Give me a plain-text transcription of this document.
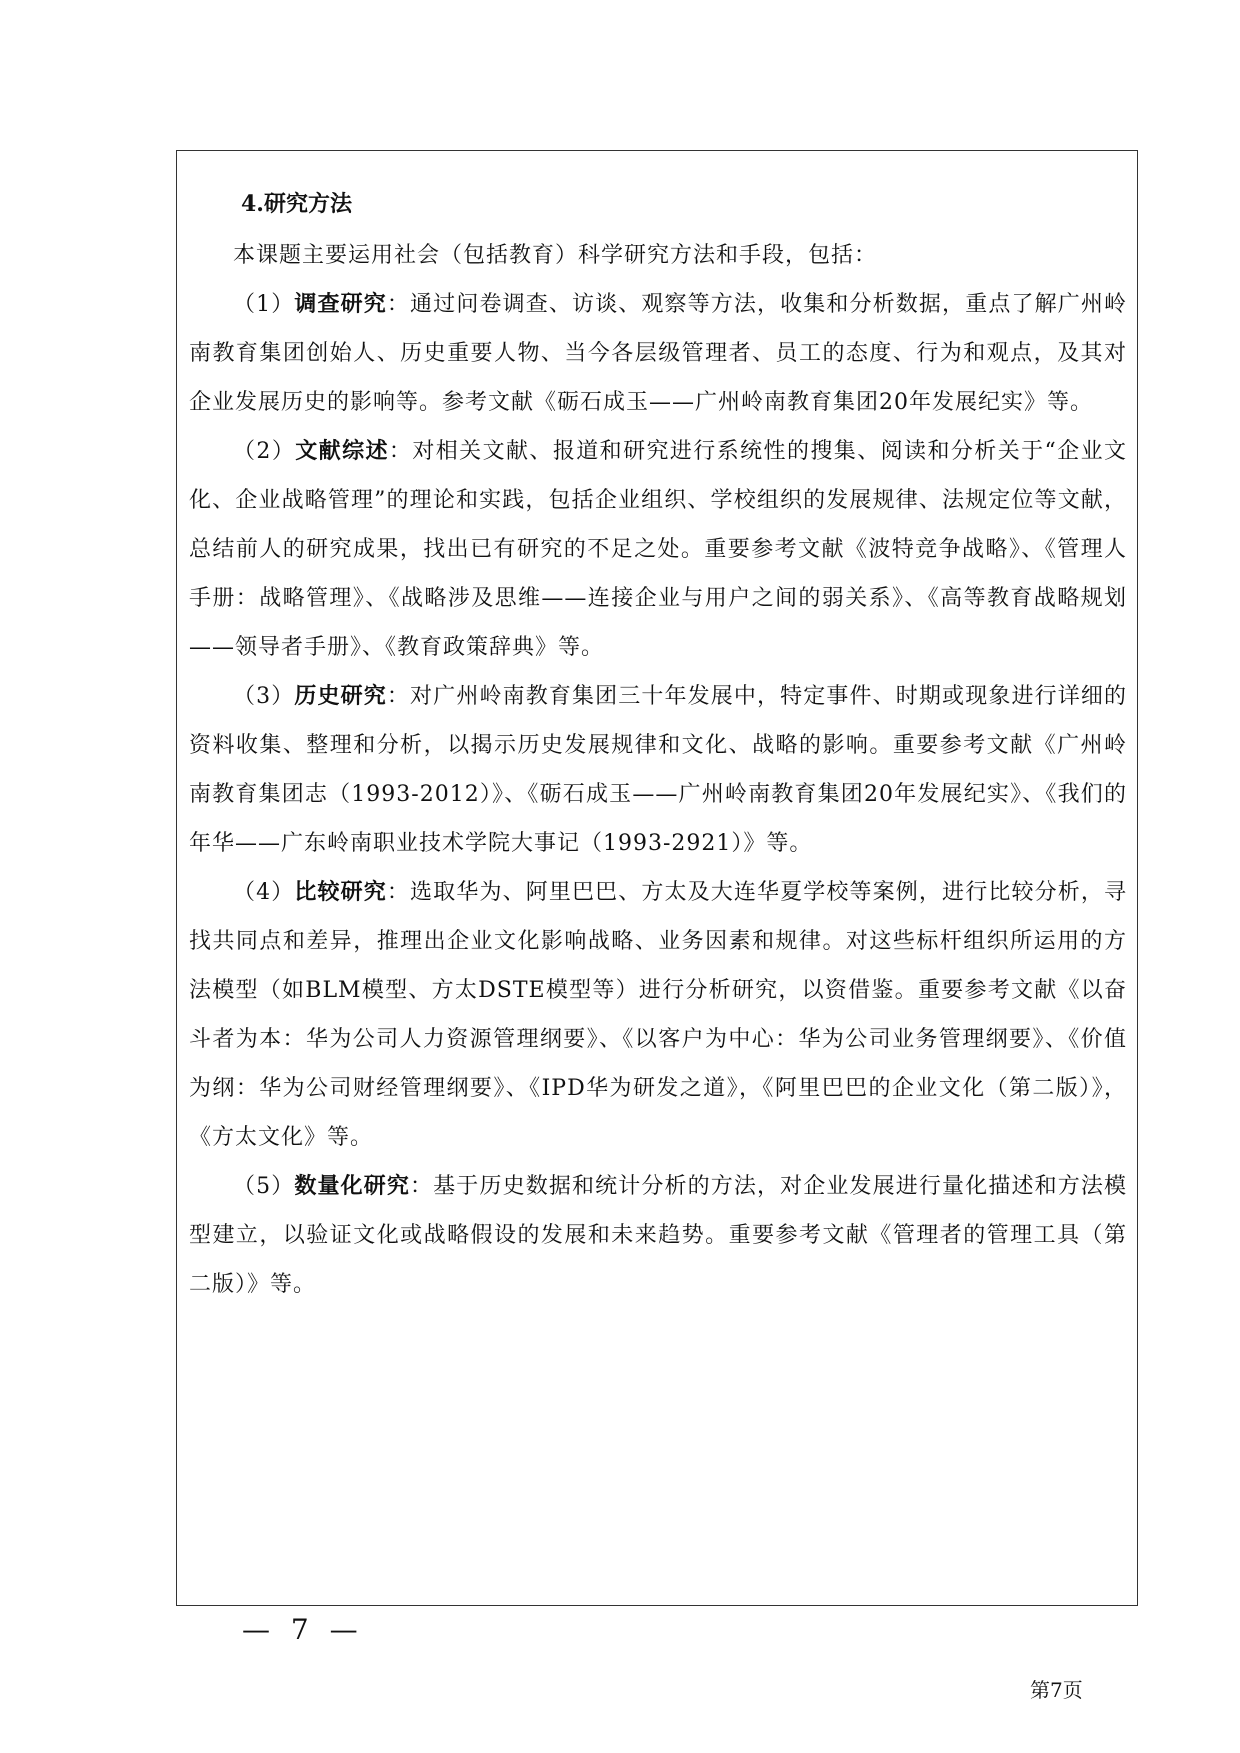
4.研究方法

本课题主要运用社会（包括教育）科学研究方法和手段，包括：

（1）调查研究：通过问卷调查、访谈、观察等方法，收集和分析数据，重点了解广州岭南教育集团创始人、历史重要人物、当今各层级管理者、员工的态度、行为和观点，及其对企业发展历史的影响等。参考文献《砺石成玉——广州岭南教育集团20年发展纪实》等。

（2）文献综述：对相关文献、报道和研究进行系统性的搜集、阅读和分析关于“企业文化、企业战略管理”的理论和实践，包括企业组织、学校组织的发展规律、法规定位等文献，总结前人的研究成果，找出已有研究的不足之处。重要参考文献《波特竞争战略》、《管理人手册：战略管理》、《战略涉及思维——连接企业与用户之间的弱关系》、《高等教育战略规划——领导者手册》、《教育政策辞典》等。

（3）历史研究：对广州岭南教育集团三十年发展中，特定事件、时期或现象进行详细的资料收集、整理和分析，以揭示历史发展规律和文化、战略的影响。重要参考文献《广州岭南教育集团志（1993-2012）》、《砺石成玉——广州岭南教育集团20年发展纪实》、《我们的年华——广东岭南职业技术学院大事记（1993-2921）》等。

（4）比较研究：选取华为、阿里巴巴、方太及大连华夏学校等案例，进行比较分析，寻找共同点和差异，推理出企业文化影响战略、业务因素和规律。对这些标杆组织所运用的方法模型（如BLM模型、方太DSTE模型等）进行分析研究，以资借鉴。重要参考文献《以奋斗者为本：华为公司人力资源管理纲要》、《以客户为中心：华为公司业务管理纲要》、《价值为纲：华为公司财经管理纲要》、《IPD华为研发之道》，《阿里巴巴的企业文化（第二版）》，《方太文化》等。

（5）数量化研究：基于历史数据和统计分析的方法，对企业发展进行量化描述和方法模型建立，以验证文化或战略假设的发展和未来趋势。重要参考文献《管理者的管理工具（第二版）》等。

— 7 —
第7页
